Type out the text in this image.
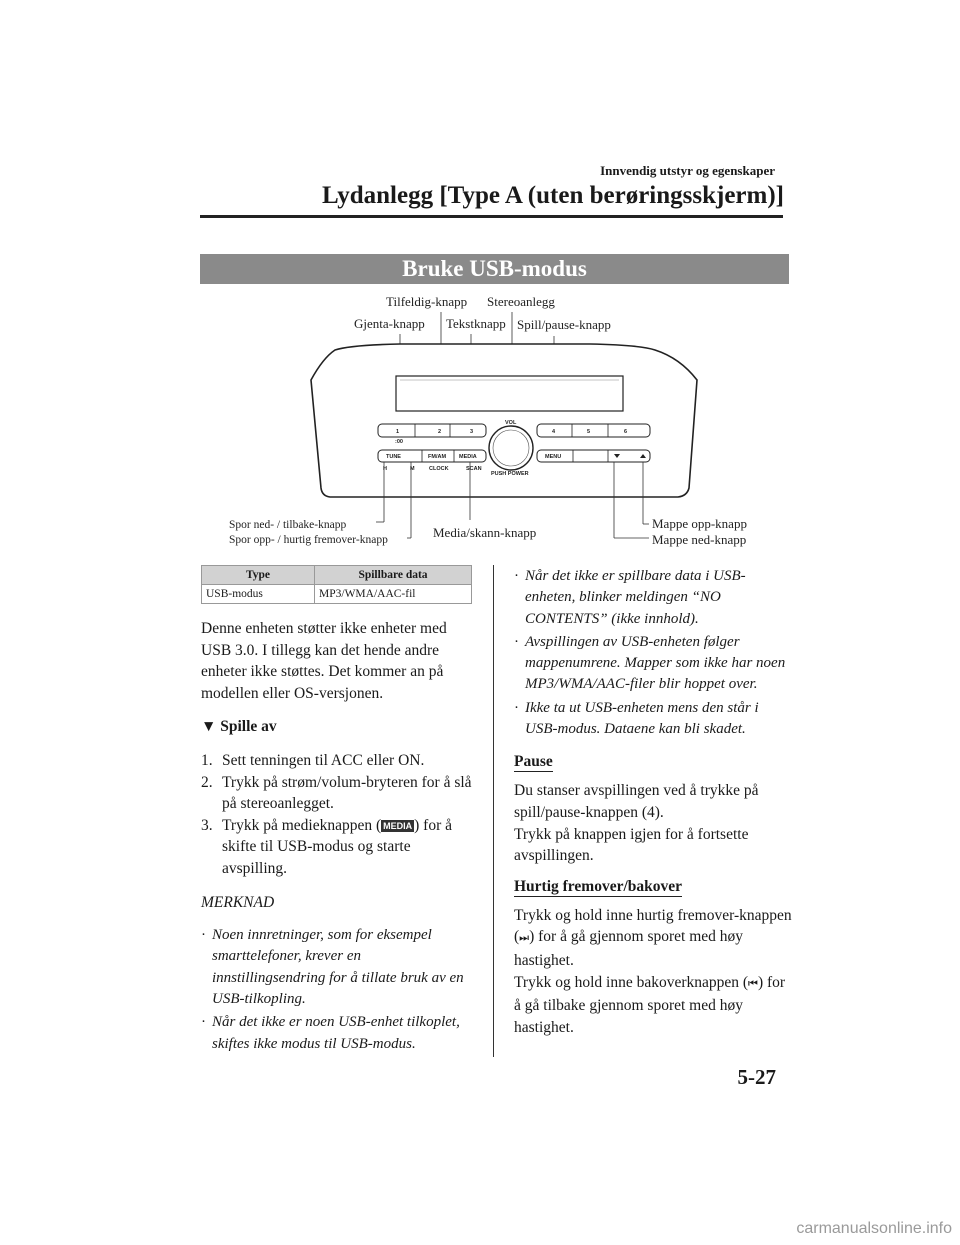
Innvendig utstyr og egenskaper
Lydanlegg [Type A (uten berøringsskjerm)]
Bruke USB-modus
Tilfeldig-knapp Stereoanlegg
Gjenta-knapp Tekstknapp Spill/pause-knapp
1	2	3	4	5	6
:00
VOL
PUSH POWER
TUNE	FM/AM MEDIA
H	M	CLOCK	SCAN
MENU
Spor ned- / tilbake-knapp
Spor opp- / hurtig fremover-knapp	Media/skann-knapp
Mappe opp-knapp
Mappe ned-knapp
Type	Spillbare data
USB-modus	MP3/WMA/AAC-fil

Denne enheten støtter ikke enheter med USB 3.0. I tillegg kan det hende andre enheter ikke støttes. Det kommer an på modellen eller OS-versjonen.

▼ Spille av

1. Sett tenningen til ACC eller ON.
2. Trykk på strøm/volum-bryteren for å slå på stereoanlegget.
3. Trykk på medieknappen ( MEDIA ) for å skifte til USB-modus og starte avspilling.

MERKNAD

· Noen innretninger, som for eksempel smarttelefoner, krever en innstillingsendring for å tillate bruk av en USB-tilkopling.
· Når det ikke er noen USB-enhet tilkoplet, skiftes ikke modus til USB-modus.
· Når det ikke er spillbare data i USB-enheten, blinker meldingen “NO CONTENTS” (ikke innhold).
· Avspillingen av USB-enheten følger mappenumrene. Mapper som ikke har noen MP3/WMA/AAC-filer blir hoppet over.
· Ikke ta ut USB-enheten mens den står i USB-modus. Dataene kan bli skadet.
Pause

Du stanser avspillingen ved å trykke på spill/pause-knappen (4).

Trykk på knappen igjen for å fortsette avspillingen.

Hurtig fremover/bakover

Trykk og hold inne hurtig fremover-knappen (⏭) for å gå gjennom sporet med høy hastighet.

Trykk og hold inne bakoverknappen (⏮) for å gå tilbake gjennom sporet med høy hastighet.

5-27
carmanualsonline.info
